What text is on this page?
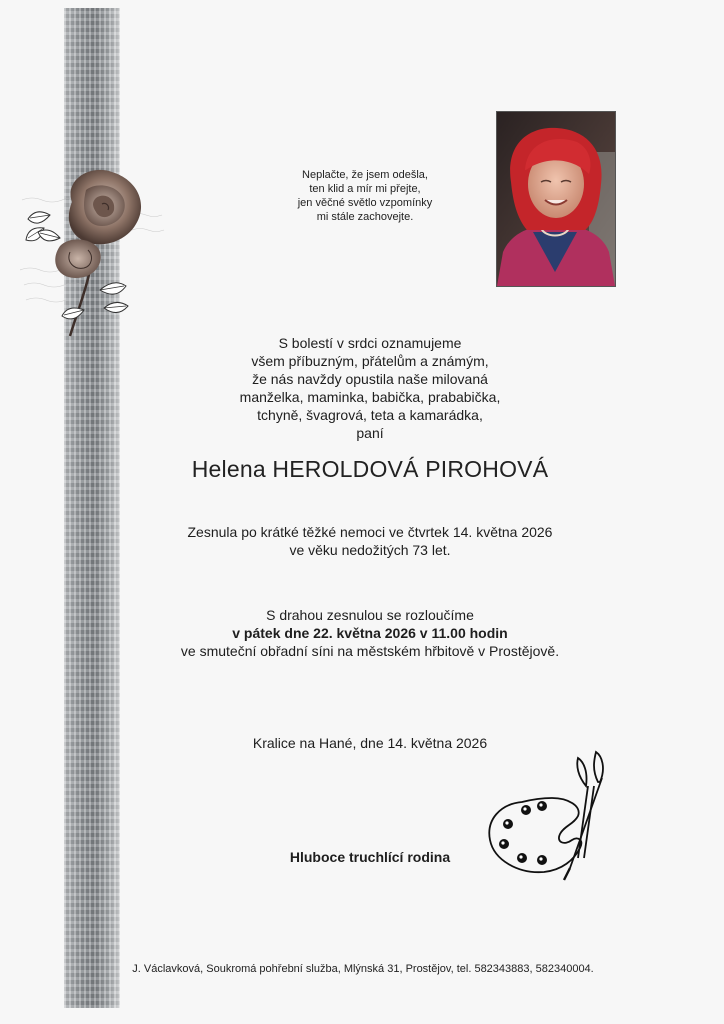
Neplačte, že jsem odešla,
ten klid a mír mi přejte,
jen věčné světlo vzpomínky
mi stále zachovejte.
S bolestí v srdci oznamujeme
všem příbuzným, přátelům a známým,
že nás navždy opustila naše milovaná
manželka, maminka, babička, prababička,
tchyně, švagrová, teta a kamarádka,
paní
Helena HEROLDOVÁ PIROHOVÁ
Zesnula po krátké těžké nemoci ve čtvrtek 14. května 2026
ve věku nedožitých 73 let.
S drahou zesnulou se rozloučíme
v pátek dne 22. května 2026 v 11.00 hodin
ve smuteční obřadní síni na městském hřbitově v Prostějově.
Kralice na Hané, dne 14. května 2026
Hluboce truchlící rodina
J. Václavková, Soukromá pohřební služba, Mlýnská 31, Prostějov, tel. 582343883, 582340004.
